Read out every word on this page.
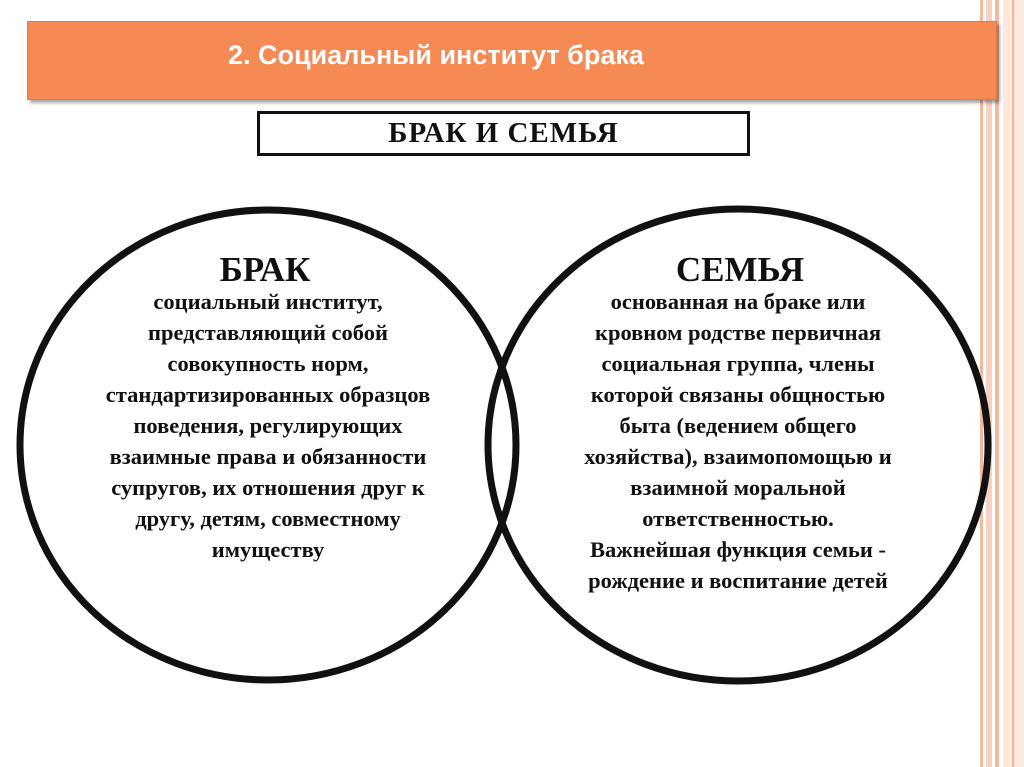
2. Социальный институт брака
БРАК И СЕМЬЯ
БРАК
социальный институт,
представляющий собой
совокупность норм,
стандартизированных образцов
поведения, регулирующих
взаимные права и обязанности
супругов, их отношения друг к
другу, детям, совместному
имуществу
СЕМЬЯ
основанная на браке или
кровном родстве первичная
социальная группа, члены
которой связаны общностью
быта (ведением общего
хозяйства), взаимопомощью и
взаимной моральной
ответственностью.
Важнейшая функция семьи -
рождение и воспитание детей
